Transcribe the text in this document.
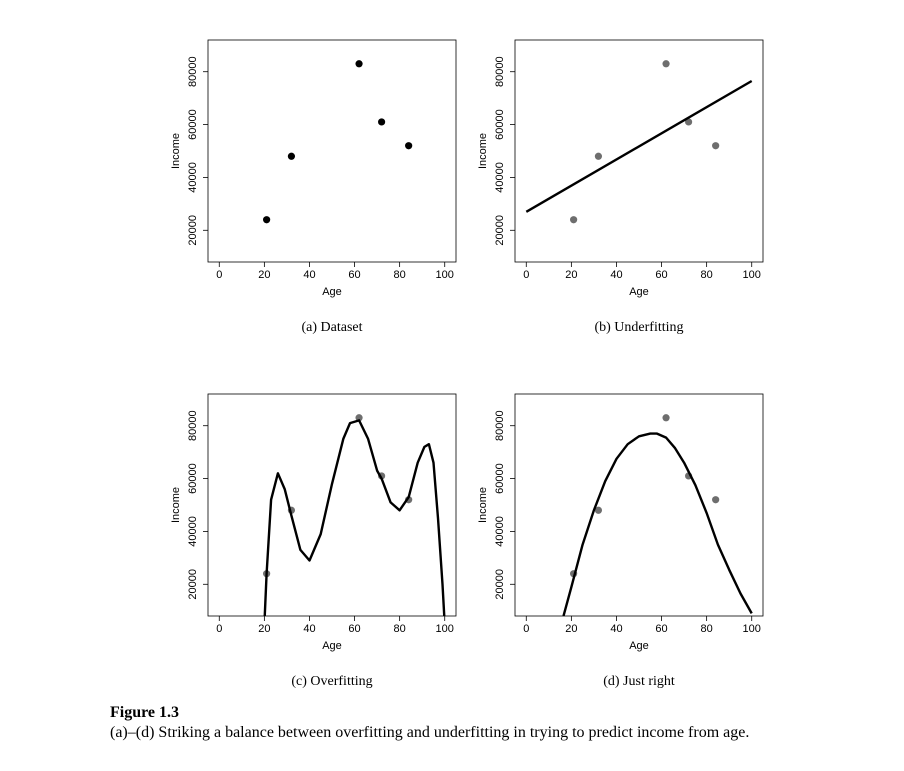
0	20	40	60	80	100
20000
40000
60000
80000
Age
Income
(a) Dataset
0	20	40	60	80	100
20000
40000
60000
80000
Age
Income
(b) Underfitting
0	20	40	60	80	100
20000
40000
60000
80000
Age
Income
(c) Overfitting
0	20	40	60	80	100
20000
40000
60000
80000
Age
Income
(d) Just right

Figure 1.3

(a)–(d) Striking a balance between overfitting and underfitting in trying to predict income from age.
